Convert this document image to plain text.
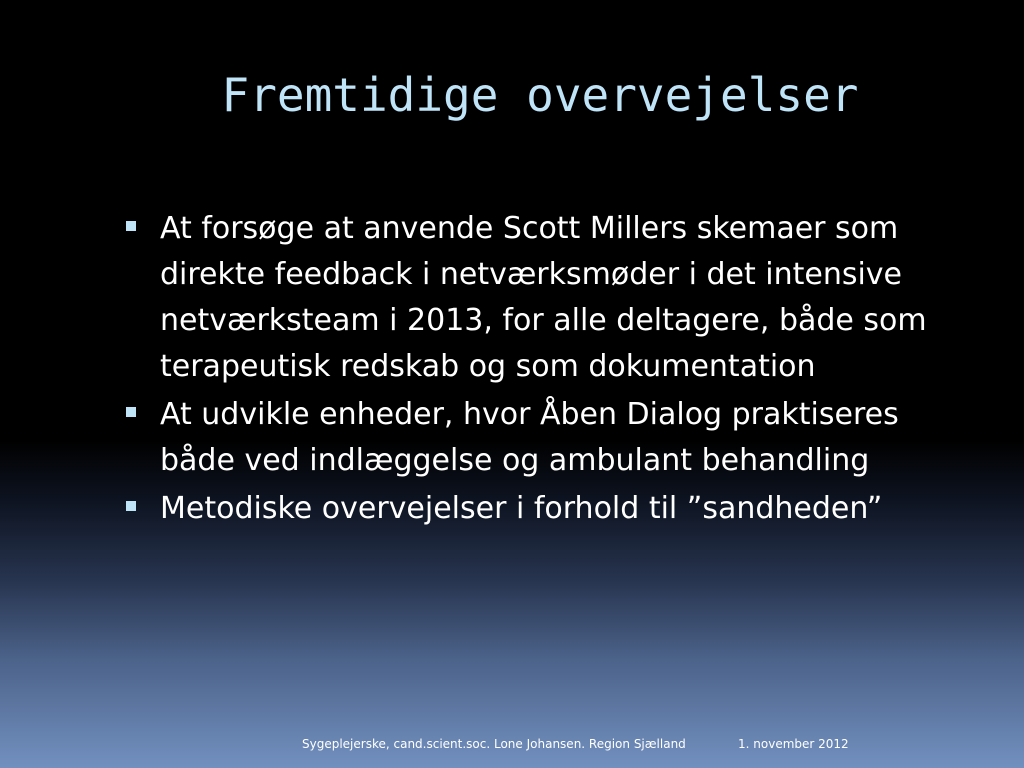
Fremtidige overvejelser
At forsøge at anvende Scott Millers skemaer som direkte feedback i netværksmøder i det intensive netværksteam i 2013, for alle deltagere, både som terapeutisk redskab og som dokumentation
At udvikle enheder, hvor Åben Dialog praktiseres både ved indlæggelse og ambulant behandling
Metodiske overvejelser i forhold til ”sandheden”
Sygeplejerske, cand.scient.soc. Lone Johansen. Region Sjælland	1. november 2012
